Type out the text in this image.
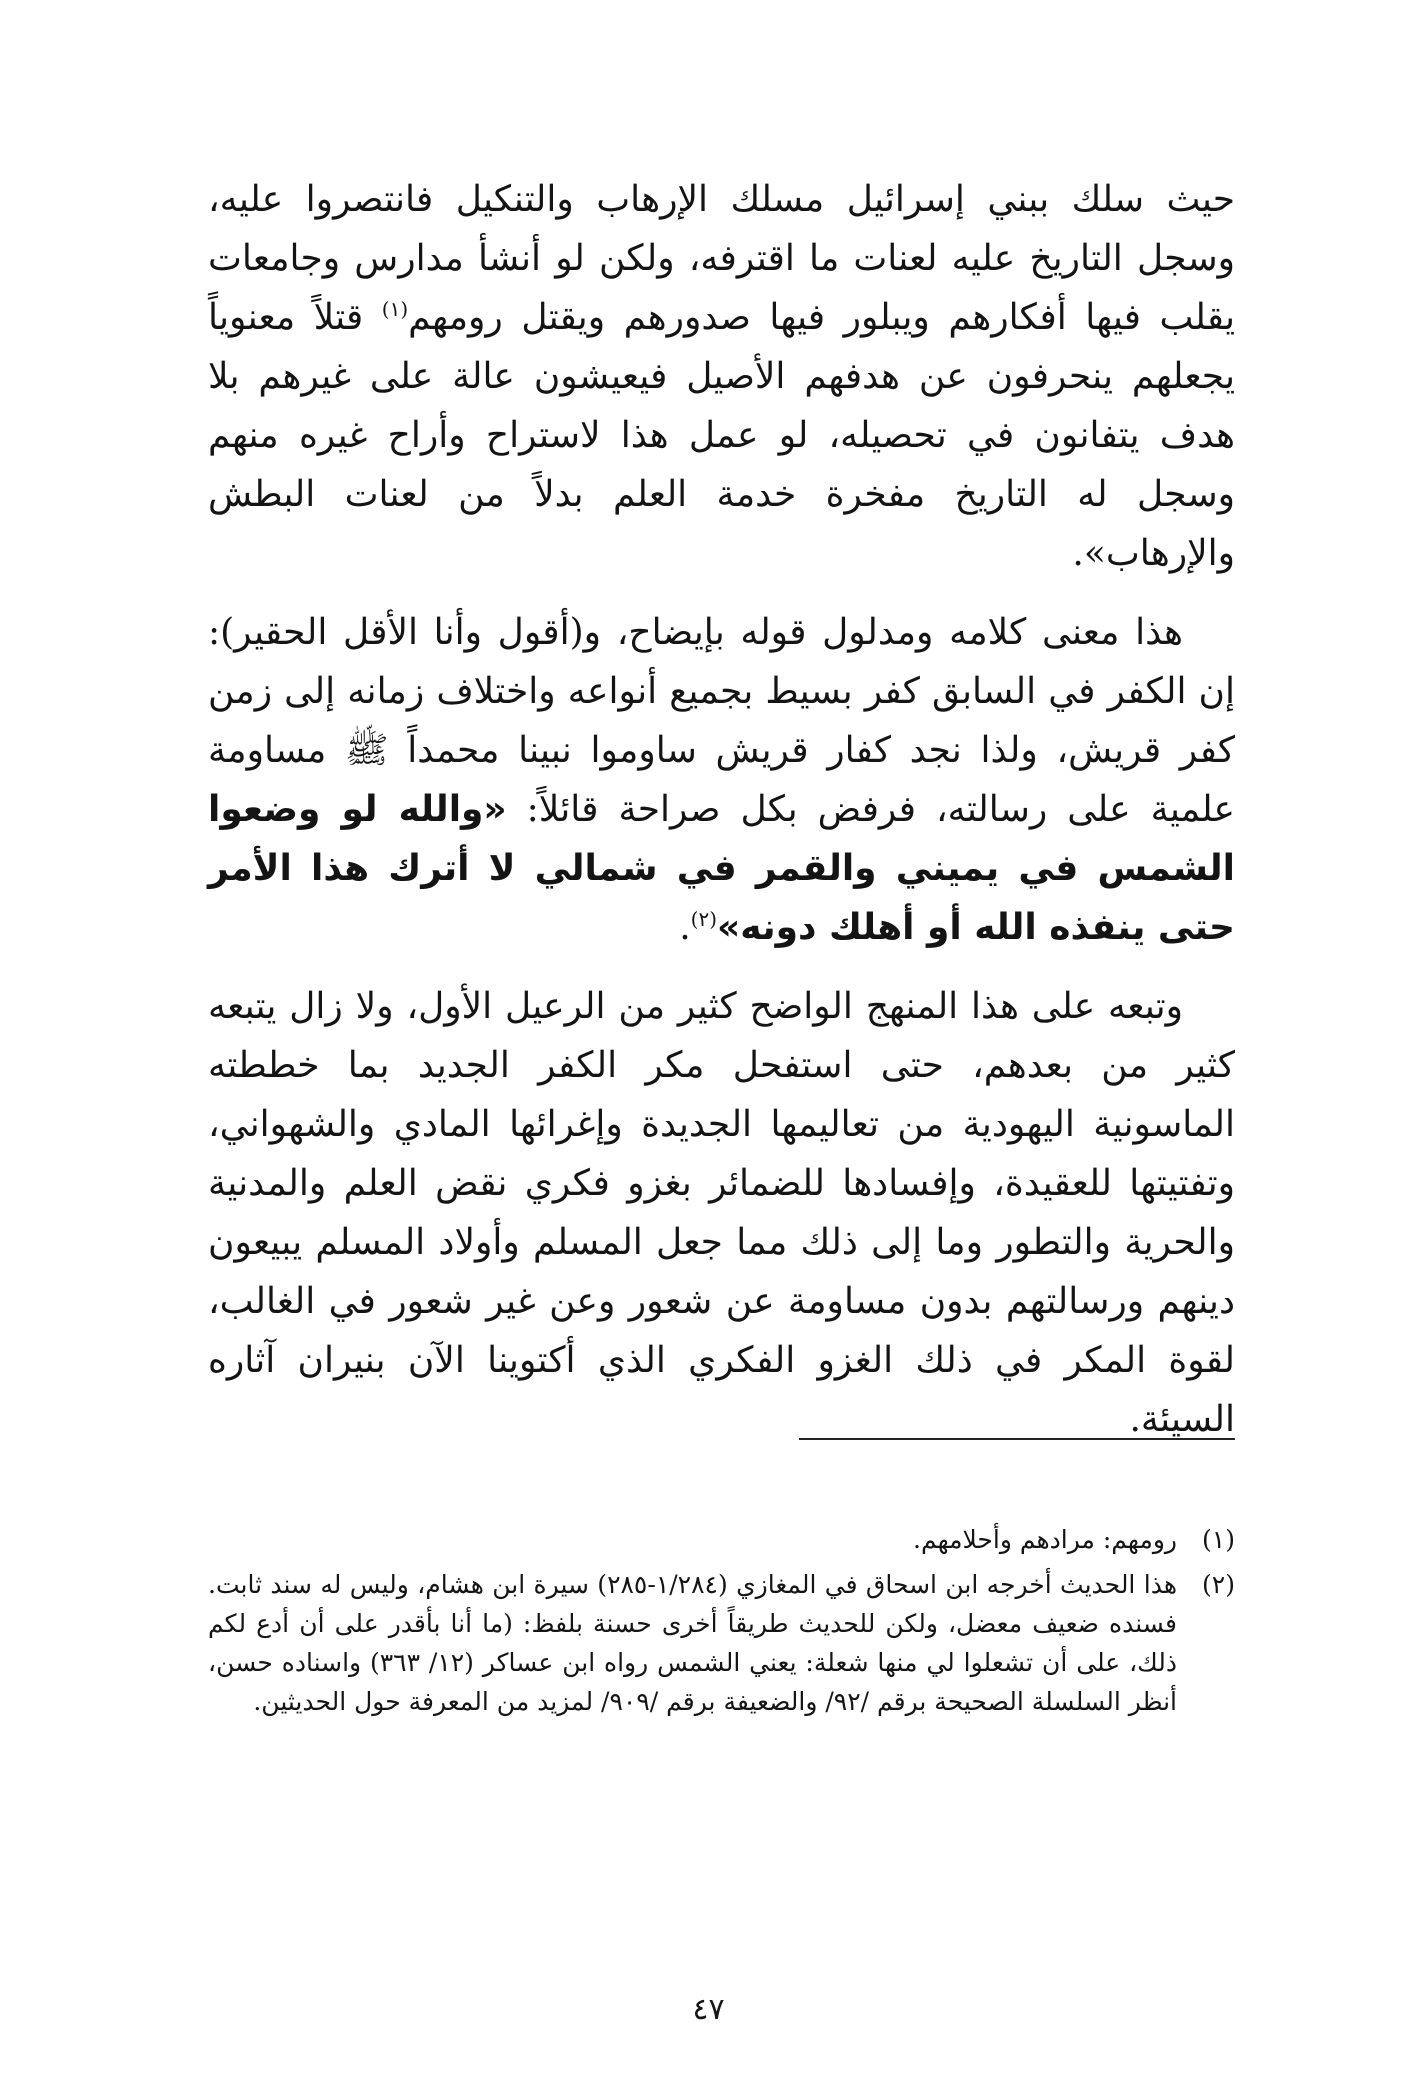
حيث سلك ببني إسرائيل مسلك الإرهاب والتنكيل فانتصروا عليه، وسجل التاريخ عليه لعنات ما اقترفه، ولكن لو أنشأ مدارس وجامعات يقلب فيها أفكارهم ويبلور فيها صدورهم ويقتل رومهم$^{(١)}$ قتلاً معنوياً يجعلهم ينحرفون عن هدفهم الأصيل فيعيشون عالة على غيرهم بلا هدف يتفانون في تحصيله، لو عمل هذا لاستراح وأراح غيره منهم وسجل له التاريخ مفخرة خدمة العلم بدلاً من لعنات البطش والإرهاب».

هذا معنى كلامه ومدلول قوله بإيضاح، و(أقول وأنا الأقل الحقير): إن الكفر في السابق كفر بسيط بجميع أنواعه واختلاف زمانه إلى زمن كفر قريش، ولذا نجد كفار قريش ساوموا نبينا محمداً ﷺ مساومة علمية على رسالته، فرفض بكل صراحة قائلاً: «والله لو وضعوا الشمس في يميني والقمر في شمالي لا أترك هذا الأمر حتى ينفذه الله أو أهلك دونه»$^{(٢)}$.

وتبعه على هذا المنهج الواضح كثير من الرعيل الأول، ولا زال يتبعه كثير من بعدهم، حتى استفحل مكر الكفر الجديد بما خططته الماسونية اليهودية من تعاليمها الجديدة وإغرائها المادي والشهواني، وتفتيتها للعقيدة، وإفسادها للضمائر بغزو فكري نقض العلم والمدنية والحرية والتطور وما إلى ذلك مما جعل المسلم وأولاد المسلم يبيعون دينهم ورسالتهم بدون مساومة عن شعور وعن غير شعور في الغالب، لقوة المكر في ذلك الغزو الفكري الذي أكتوينا الآن بنيران آثاره السيئة.

(١)
رومهم: مرادهم وأحلامهم.
(٢)
هذا الحديث أخرجه ابن اسحاق في المغازي (١/٢٨٤-٢٨٥) سيرة ابن هشام، وليس له سند ثابت. فسنده ضعيف معضل، ولكن للحديث طريقاً أخرى حسنة بلفظ: (ما أنا بأقدر على أن أدع لكم ذلك، على أن تشعلوا لي منها شعلة: يعني الشمس رواه ابن عساكر (١٢/ ٣٦٣) واسناده حسن، أنظر السلسلة الصحيحة برقم /٩٢/ والضعيفة برقم /٩٠٩/ لمزيد من المعرفة حول الحديثين.
٤٧
